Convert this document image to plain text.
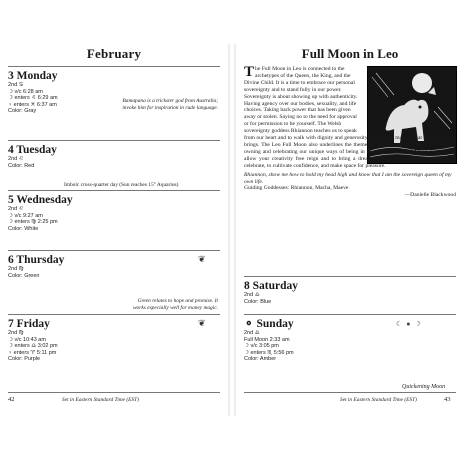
February
3 Monday
2nd ♋
☽ v/c 6:28 am
☽ enters ♌ 6:29 am
♀ enters ♓ 6:37 am
Color: Gray
Bamapana is a trickster god from Australia;
invoke him for inspiration in rude language.
4 Tuesday
2nd ♌
Color: Red
Imbolc cross-quarter day (Sun reaches 15° Aquarius)
5 Wednesday
2nd ♌
☽ v/c 9:27 am
☽ enters ♍ 2:25 pm
Color: White
6 Thursday
2nd ♍
Color: Green
❦
Green relates to hope and promise. It
works especially well for money magic.
7 Friday
2nd ♍
☽ v/c 10:43 am
☽ enters ♎ 3:02 pm
♀ enters ♈ 5:11 pm
Color: Purple
❦
42	Set in Eastern Standard Time (EST)
Full Moon in Leo
T he Full Moon in Leo is connected to the archetypes of the Queen, the King, and the Divine Child. It is a time to embrace our personal sovereignty and to stand fully in our power. Sovereignty is about showing up with authenticity. Having agency over our bodies, sexuality, and life choices. Taking back power that has been given away or stolen. Saying no to the need for approval or for permission to be yourself. The Welsh sovereignty goddess Rhiannon teaches us to speak

from our heart and to walk with dignity and generosity of spirit no matter what challenges life brings. The Leo Full Moon also underlines the themes of creative self-expression as well as owning and celebrating our unique ways of being in the world. This Full Moon is a time to allow your creativity free reign and to bring a dream or idea to fruition. It is a time to celebrate, to cultivate confidence, and make space for pleasure.

Rhiannon, show me how to hold my head high and know that I am the sovereign queen of my own life.

Guiding Goddesses: Rhiannon, Macha, Maeve

—Danielle Blackwood

8 Saturday
2nd ♎
Color: Blue
⚬ Sunday
2nd ♎
Full Moon 2:33 am
☽ v/c 3:05 pm
☽ enters ♏ 5:56 pm
Color: Amber
☾●☽
Quickening Moon
Set in Eastern Standard Time (EST)	43
